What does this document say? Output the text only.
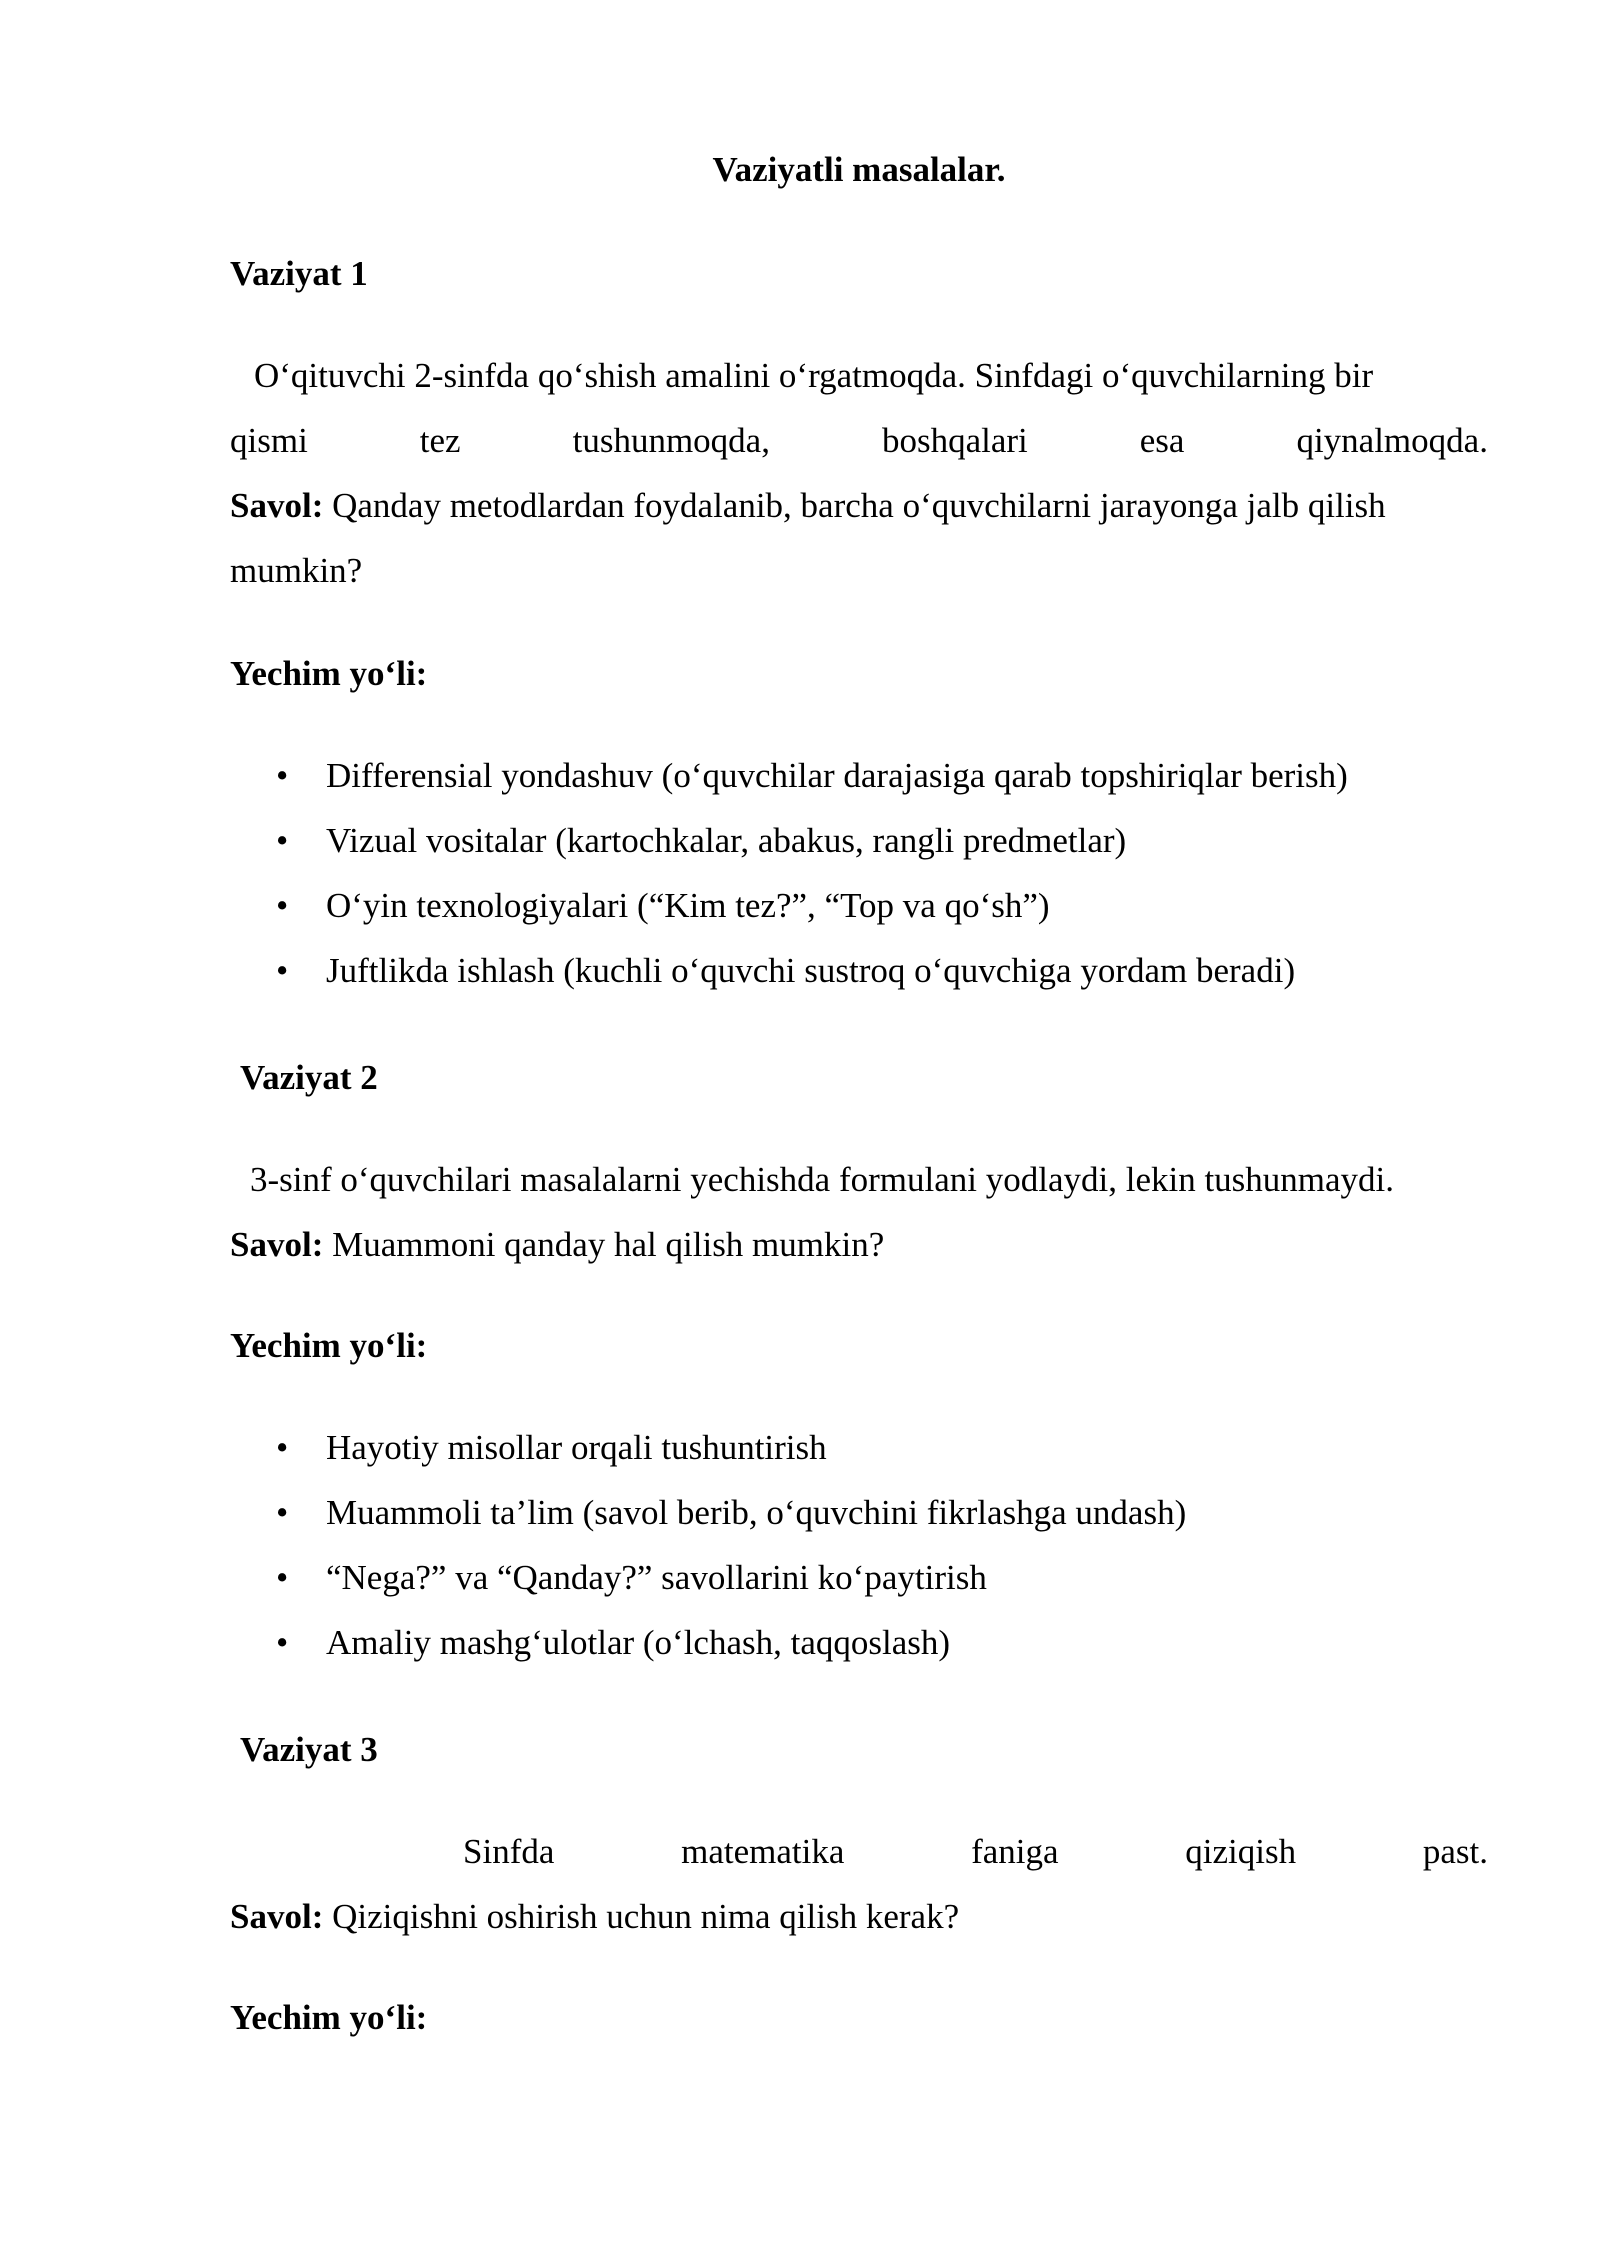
Vaziyatli masalalar.
Vaziyat 1

O‘qituvchi 2-sinfda qo‘shish amalini o‘rgatmoqda. Sinfdagi o‘quvchilarning bir

qismi	tez	tushunmoqda,	boshqalari	esa	qiynalmoqda.

Savol: Qanday metodlardan foydalanib, barcha o‘quvchilarni jarayonga jalb qilish

mumkin?

Yechim yo‘li:
• Differensial yondashuv (o‘quvchilar darajasiga qarab topshiriqlar berish)
• Vizual vositalar (kartochkalar, abakus, rangli predmetlar)
• O‘yin texnologiyalari (“Kim tez?”, “Top va qo‘sh”)
• Juftlikda ishlash (kuchli o‘quvchi sustroq o‘quvchiga yordam beradi)
Vaziyat 2

3-sinf o‘quvchilari masalalarni yechishda formulani yodlaydi, lekin tushunmaydi.

Savol: Muammoni qanday hal qilish mumkin?

Yechim yo‘li:
• Hayotiy misollar orqali tushuntirish
• Muammoli ta’lim (savol berib, o‘quvchini fikrlashga undash)
• “Nega?” va “Qanday?” savollarini ko‘paytirish
• Amaliy mashg‘ulotlar (o‘lchash, taqqoslash)
Vaziyat 3

Sinfda	matematika	faniga	qiziqish	past.

Savol: Qiziqishni oshirish uchun nima qilish kerak?

Yechim yo‘li:
